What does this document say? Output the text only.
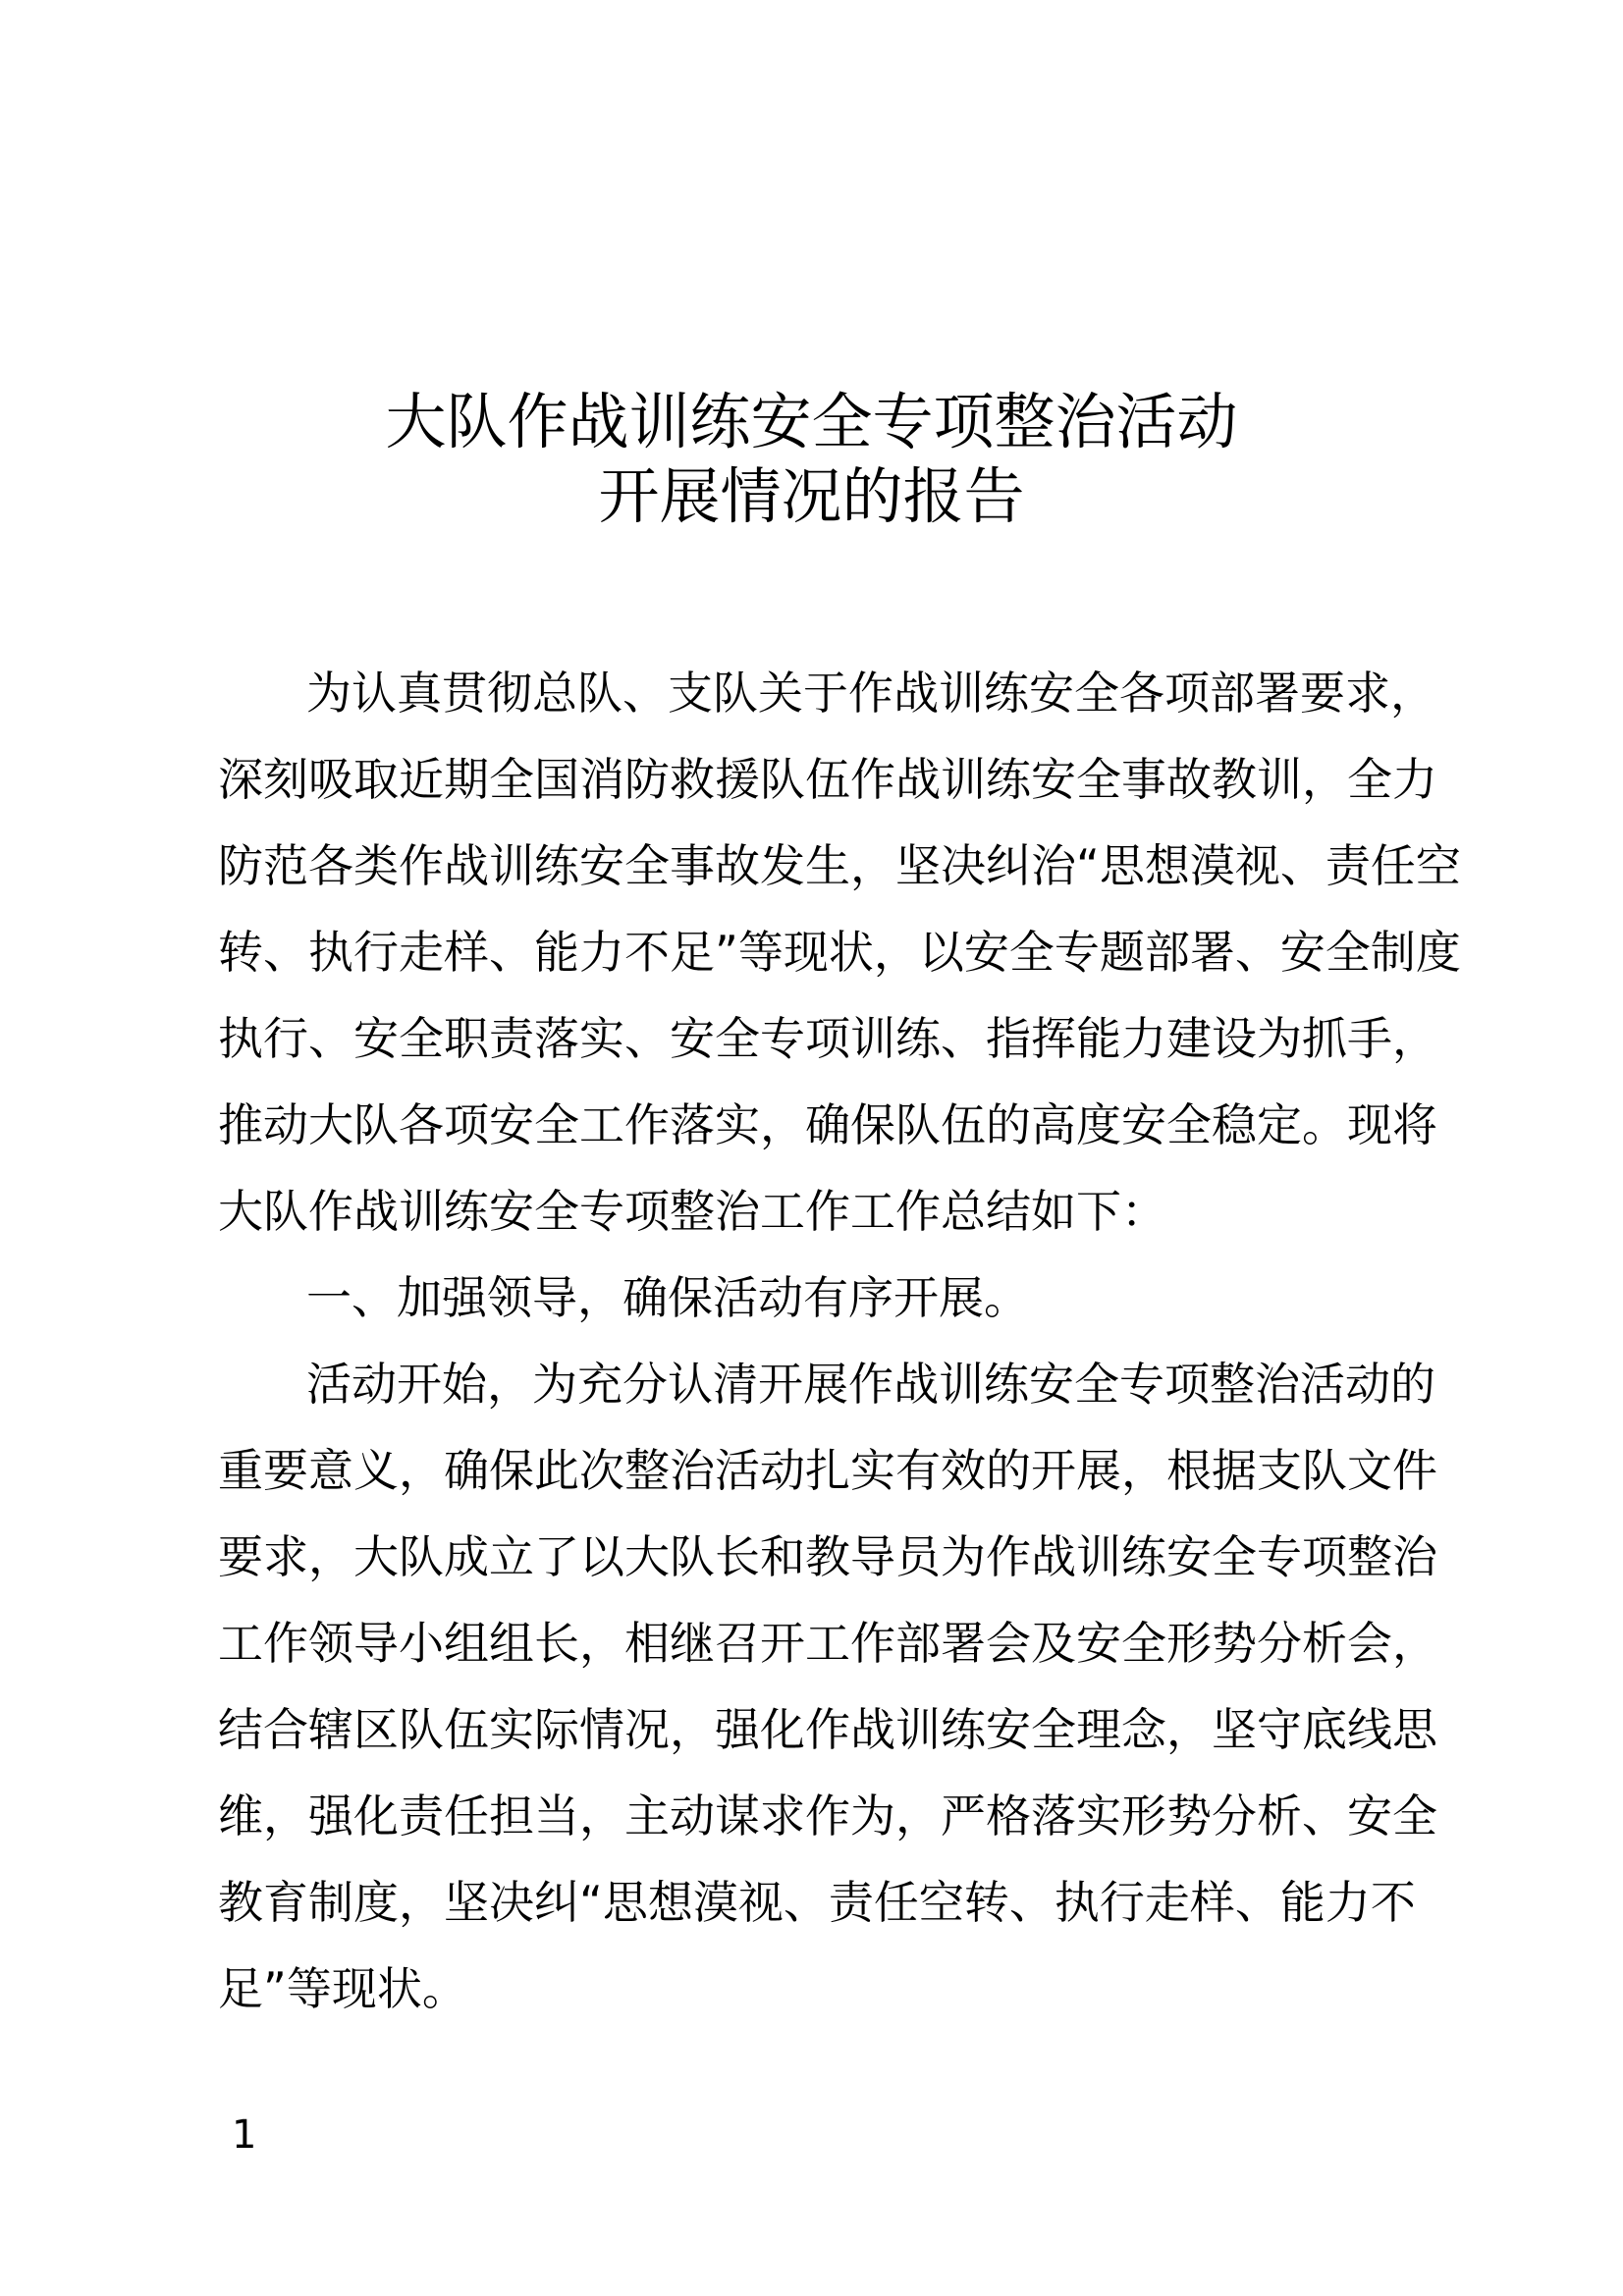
大队作战训练安全专项整治活动
开展情况的报告
为认真贯彻总队、支队关于作战训练安全各项部署要求，
深刻吸取近期全国消防救援队伍作战训练安全事故教训，全力
防范各类作战训练安全事故发生，坚决纠治“思想漠视、责任空
转、执行走样、能力不足”等现状，以安全专题部署、安全制度
执行、安全职责落实、安全专项训练、指挥能力建设为抓手，
推动大队各项安全工作落实，确保队伍的高度安全稳定。现将
大队作战训练安全专项整治工作工作总结如下：
一、加强领导，确保活动有序开展。
活动开始，为充分认清开展作战训练安全专项整治活动的
重要意义，确保此次整治活动扎实有效的开展，根据支队文件
要求，大队成立了以大队长和教导员为作战训练安全专项整治
工作领导小组组长，相继召开工作部署会及安全形势分析会，
结合辖区队伍实际情况，强化作战训练安全理念，坚守底线思
维，强化责任担当，主动谋求作为，严格落实形势分析、安全
教育制度，坚决纠“思想漠视、责任空转、执行走样、能力不
足”等现状。
1
